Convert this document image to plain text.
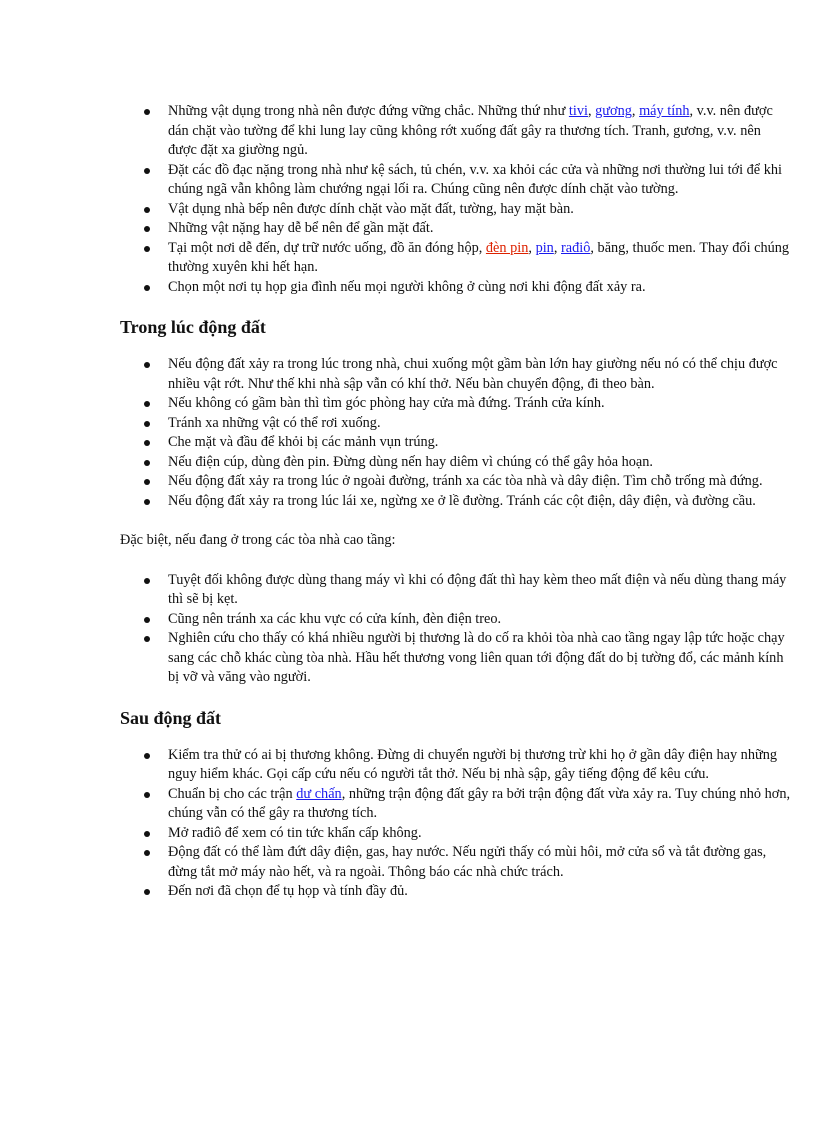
Những vật dụng trong nhà nên được đứng vững chắc. Những thứ như tivi, gương, máy tính, v.v. nên được dán chặt vào tường để khi lung lay cũng không rớt xuống đất gây ra thương tích. Tranh, gương, v.v. nên được đặt xa giường ngủ.
Đặt các đồ đạc nặng trong nhà như kệ sách, tủ chén, v.v. xa khỏi các cửa và những nơi thường lui tới để khi chúng ngã vẫn không làm chướng ngại lối ra. Chúng cũng nên được dính chặt vào tường.
Vật dụng nhà bếp nên được dính chặt vào mặt đất, tường, hay mặt bàn.
Những vật nặng hay dễ bể nên để gần mặt đất.
Tại một nơi dễ đến, dự trữ nước uống, đồ ăn đóng hộp, đèn pin, pin, rađiô, băng, thuốc men. Thay đổi chúng thường xuyên khi hết hạn.
Chọn một nơi tụ họp gia đình nếu mọi người không ở cùng nơi khi động đất xảy ra.
Trong lúc động đất
Nếu động đất xảy ra trong lúc trong nhà, chui xuống một gầm bàn lớn hay giường nếu nó có thể chịu được nhiều vật rớt. Như thế khi nhà sập vẫn có khí thở. Nếu bàn chuyển động, đi theo bàn.
Nếu không có gầm bàn thì tìm góc phòng hay cửa mà đứng. Tránh cửa kính.
Tránh xa những vật có thể rơi xuống.
Che mặt và đầu để khỏi bị các mảnh vụn trúng.
Nếu điện cúp, dùng đèn pin. Đừng dùng nến hay diêm vì chúng có thể gây hỏa hoạn.
Nếu động đất xảy ra trong lúc ở ngoài đường, tránh xa các tòa nhà và dây điện. Tìm chỗ trống mà đứng.
Nếu động đất xảy ra trong lúc lái xe, ngừng xe ở lề đường. Tránh các cột điện, dây điện, và đường cầu.

Đặc biệt, nếu đang ở trong các tòa nhà cao tầng:

Tuyệt đối không được dùng thang máy vì khi có động đất thì hay kèm theo mất điện và nếu dùng thang máy thì sẽ bị kẹt.
Cũng nên tránh xa các khu vực có cửa kính, đèn điện treo.
Nghiên cứu cho thấy có khá nhiều người bị thương là do cố ra khỏi tòa nhà cao tầng ngay lập tức hoặc chạy sang các chỗ khác cùng tòa nhà. Hầu hết thương vong liên quan tới động đất do bị tường đổ, các mảnh kính bị vỡ và văng vào người.
Sau động đất
Kiểm tra thử có ai bị thương không. Đừng di chuyển người bị thương trừ khi họ ở gần dây điện hay những nguy hiểm khác. Gọi cấp cứu nếu có người tắt thở. Nếu bị nhà sập, gây tiếng động để kêu cứu.
Chuẩn bị cho các trận dư chấn, những trận động đất gây ra bởi trận động đất vừa xảy ra. Tuy chúng nhỏ hơn, chúng vẫn có thể gây ra thương tích.
Mở rađiô để xem có tin tức khẩn cấp không.
Động đất có thể làm đứt dây điện, gas, hay nước. Nếu ngửi thấy có mùi hôi, mở cửa sổ và tắt đường gas, đừng tắt mở máy nào hết, và ra ngoài. Thông báo các nhà chức trách.
Đến nơi đã chọn để tụ họp và tính đầy đủ.
